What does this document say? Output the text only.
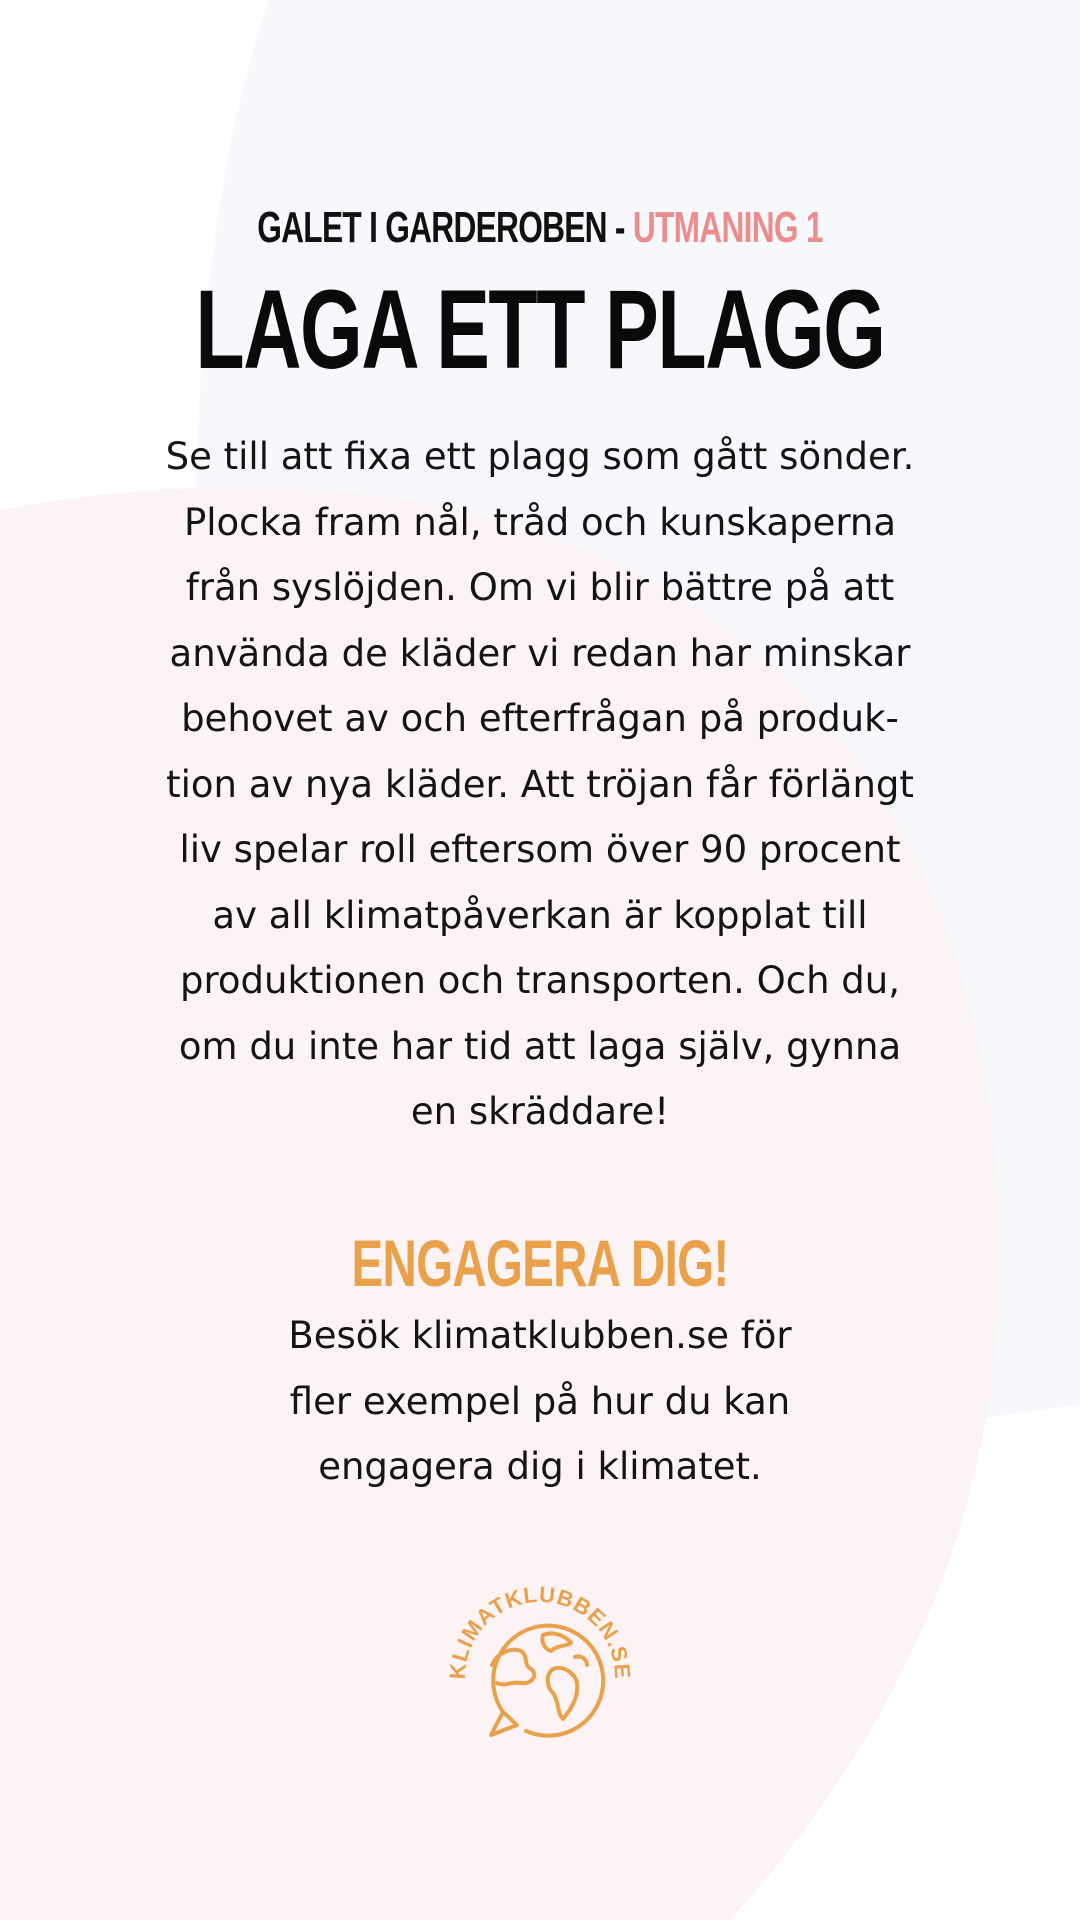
GALET I GARDEROBEN - UTMANING 1
LAGA ETT PLAGG

Se till att fixa ett plagg som gått sönder.
Plocka fram nål, tråd och kunskaperna
från syslöjden. Om vi blir bättre på att
använda de kläder vi redan har minskar
behovet av och efterfrågan på produk-
tion av nya kläder. Att tröjan får förlängt
liv spelar roll eftersom över 90 procent
av all klimatpåverkan är kopplat till
produktionen och transporten. Och du,
om du inte har tid att laga själv, gynna
en skräddare!

ENGAGERA DIG!

Besök klimatklubben.se för
fler exempel på hur du kan
engagera dig i klimatet.

KLIMATKLUBBEN.SE
